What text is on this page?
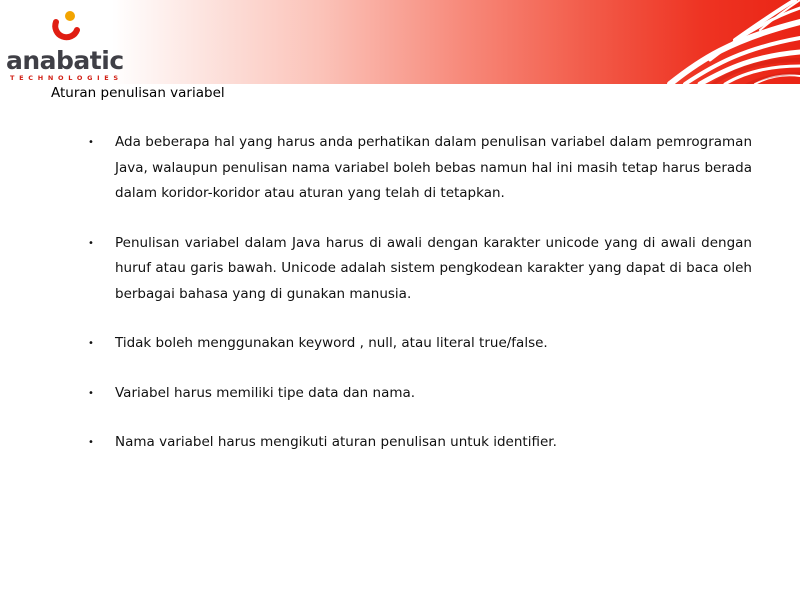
anabatic
TECHNOLOGIES
Aturan penulisan variabel
• Ada beberapa hal yang harus anda perhatikan dalam penulisan variabel dalam pemrograman Java, walaupun penulisan nama variabel boleh bebas namun hal ini masih tetap harus berada dalam koridor-koridor atau aturan yang telah di tetapkan.
• Penulisan variabel dalam Java harus di awali dengan karakter unicode yang di awali dengan huruf atau garis bawah. Unicode adalah sistem pengkodean karakter yang dapat di baca oleh berbagai bahasa yang di gunakan manusia.
• Tidak boleh menggunakan keyword , null, atau literal true/false.
• Variabel harus memiliki tipe data dan nama.
• Nama variabel harus mengikuti aturan penulisan untuk identifier.
